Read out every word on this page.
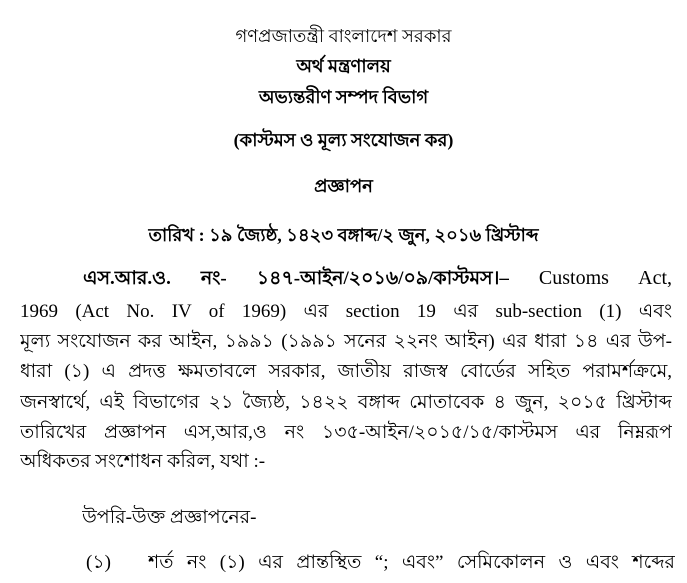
গণপ্রজাতন্ত্রী বাংলাদেশ সরকার
অর্থ মন্ত্রণালয়
অভ্যন্তরীণ সম্পদ বিভাগ
(কাস্টমস ও মূল্য সংযোজন কর)
প্রজ্ঞাপন
তারিখ : ১৯ জ্যৈষ্ঠ, ১৪২৩ বঙ্গাব্দ/২ জুন, ২০১৬ খ্রিস্টাব্দ
এস.আর.ও. নং- ১৪৭-আইন/২০১৬/০৯/কাস্টমস।– Customs Act,
1969 (Act No. IV of 1969) এর section 19 এর sub-section (1) এবং
মূল্য সংযোজন কর আইন, ১৯৯১ (১৯৯১ সনের ২২নং আইন) এর ধারা ১৪ এর উপ-
ধারা (১) এ প্রদত্ত ক্ষমতাবলে সরকার, জাতীয় রাজস্ব বোর্ডের সহিত পরামর্শক্রমে,
জনস্বার্থে, এই বিভাগের ২১ জ্যৈষ্ঠ, ১৪২২ বঙ্গাব্দ মোতাবেক ৪ জুন, ২০১৫ খ্রিস্টাব্দ
তারিখের প্রজ্ঞাপন এস,আর,ও নং ১৩৫-আইন/২০১৫/১৫/কাস্টমস এর নিম্নরূপ
অধিকতর সংশোধন করিল, যথা :-
উপরি-উক্ত প্রজ্ঞাপনের-
(১)	শর্ত নং (১) এর প্রান্তস্থিত “; এবং” সেমিকোলন ও এবং শব্দের
